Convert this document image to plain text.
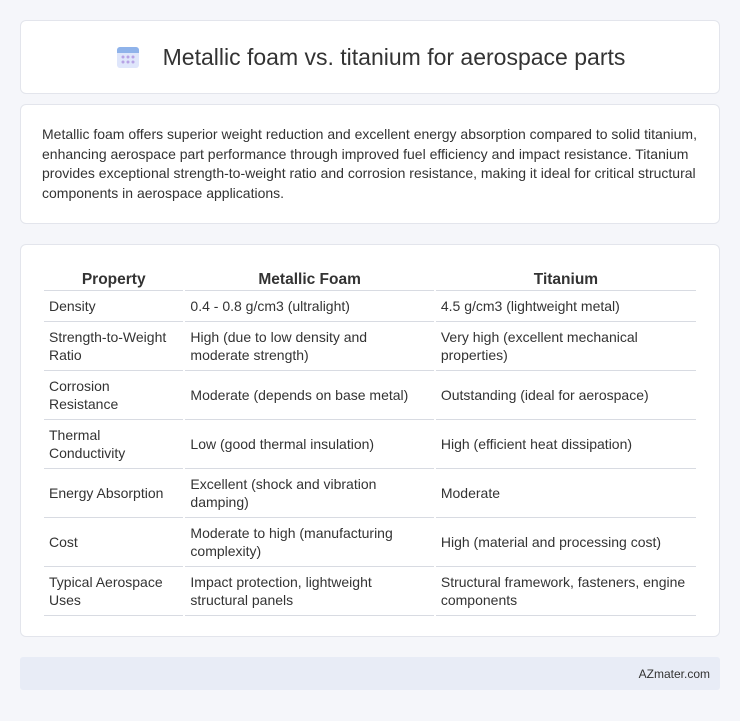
Metallic foam vs. titanium for aerospace parts

Metallic foam offers superior weight reduction and excellent energy absorption compared to solid titanium, enhancing aerospace part performance through improved fuel efficiency and impact resistance. Titanium provides exceptional strength-to-weight ratio and corrosion resistance, making it ideal for critical structural components in aerospace applications.

Property	Metallic Foam	Titanium
Density	0.4 - 0.8 g/cm3 (ultralight)	4.5 g/cm3 (lightweight metal)
Strength-to-Weight Ratio	High (due to low density and moderate strength)	Very high (excellent mechanical properties)
Corrosion Resistance	Moderate (depends on base metal)	Outstanding (ideal for aerospace)
Thermal Conductivity	Low (good thermal insulation)	High (efficient heat dissipation)
Energy Absorption	Excellent (shock and vibration damping)	Moderate
Cost	Moderate to high (manufacturing complexity)	High (material and processing cost)
Typical Aerospace Uses	Impact protection, lightweight structural panels	Structural framework, fasteners, engine components
AZmater.com
